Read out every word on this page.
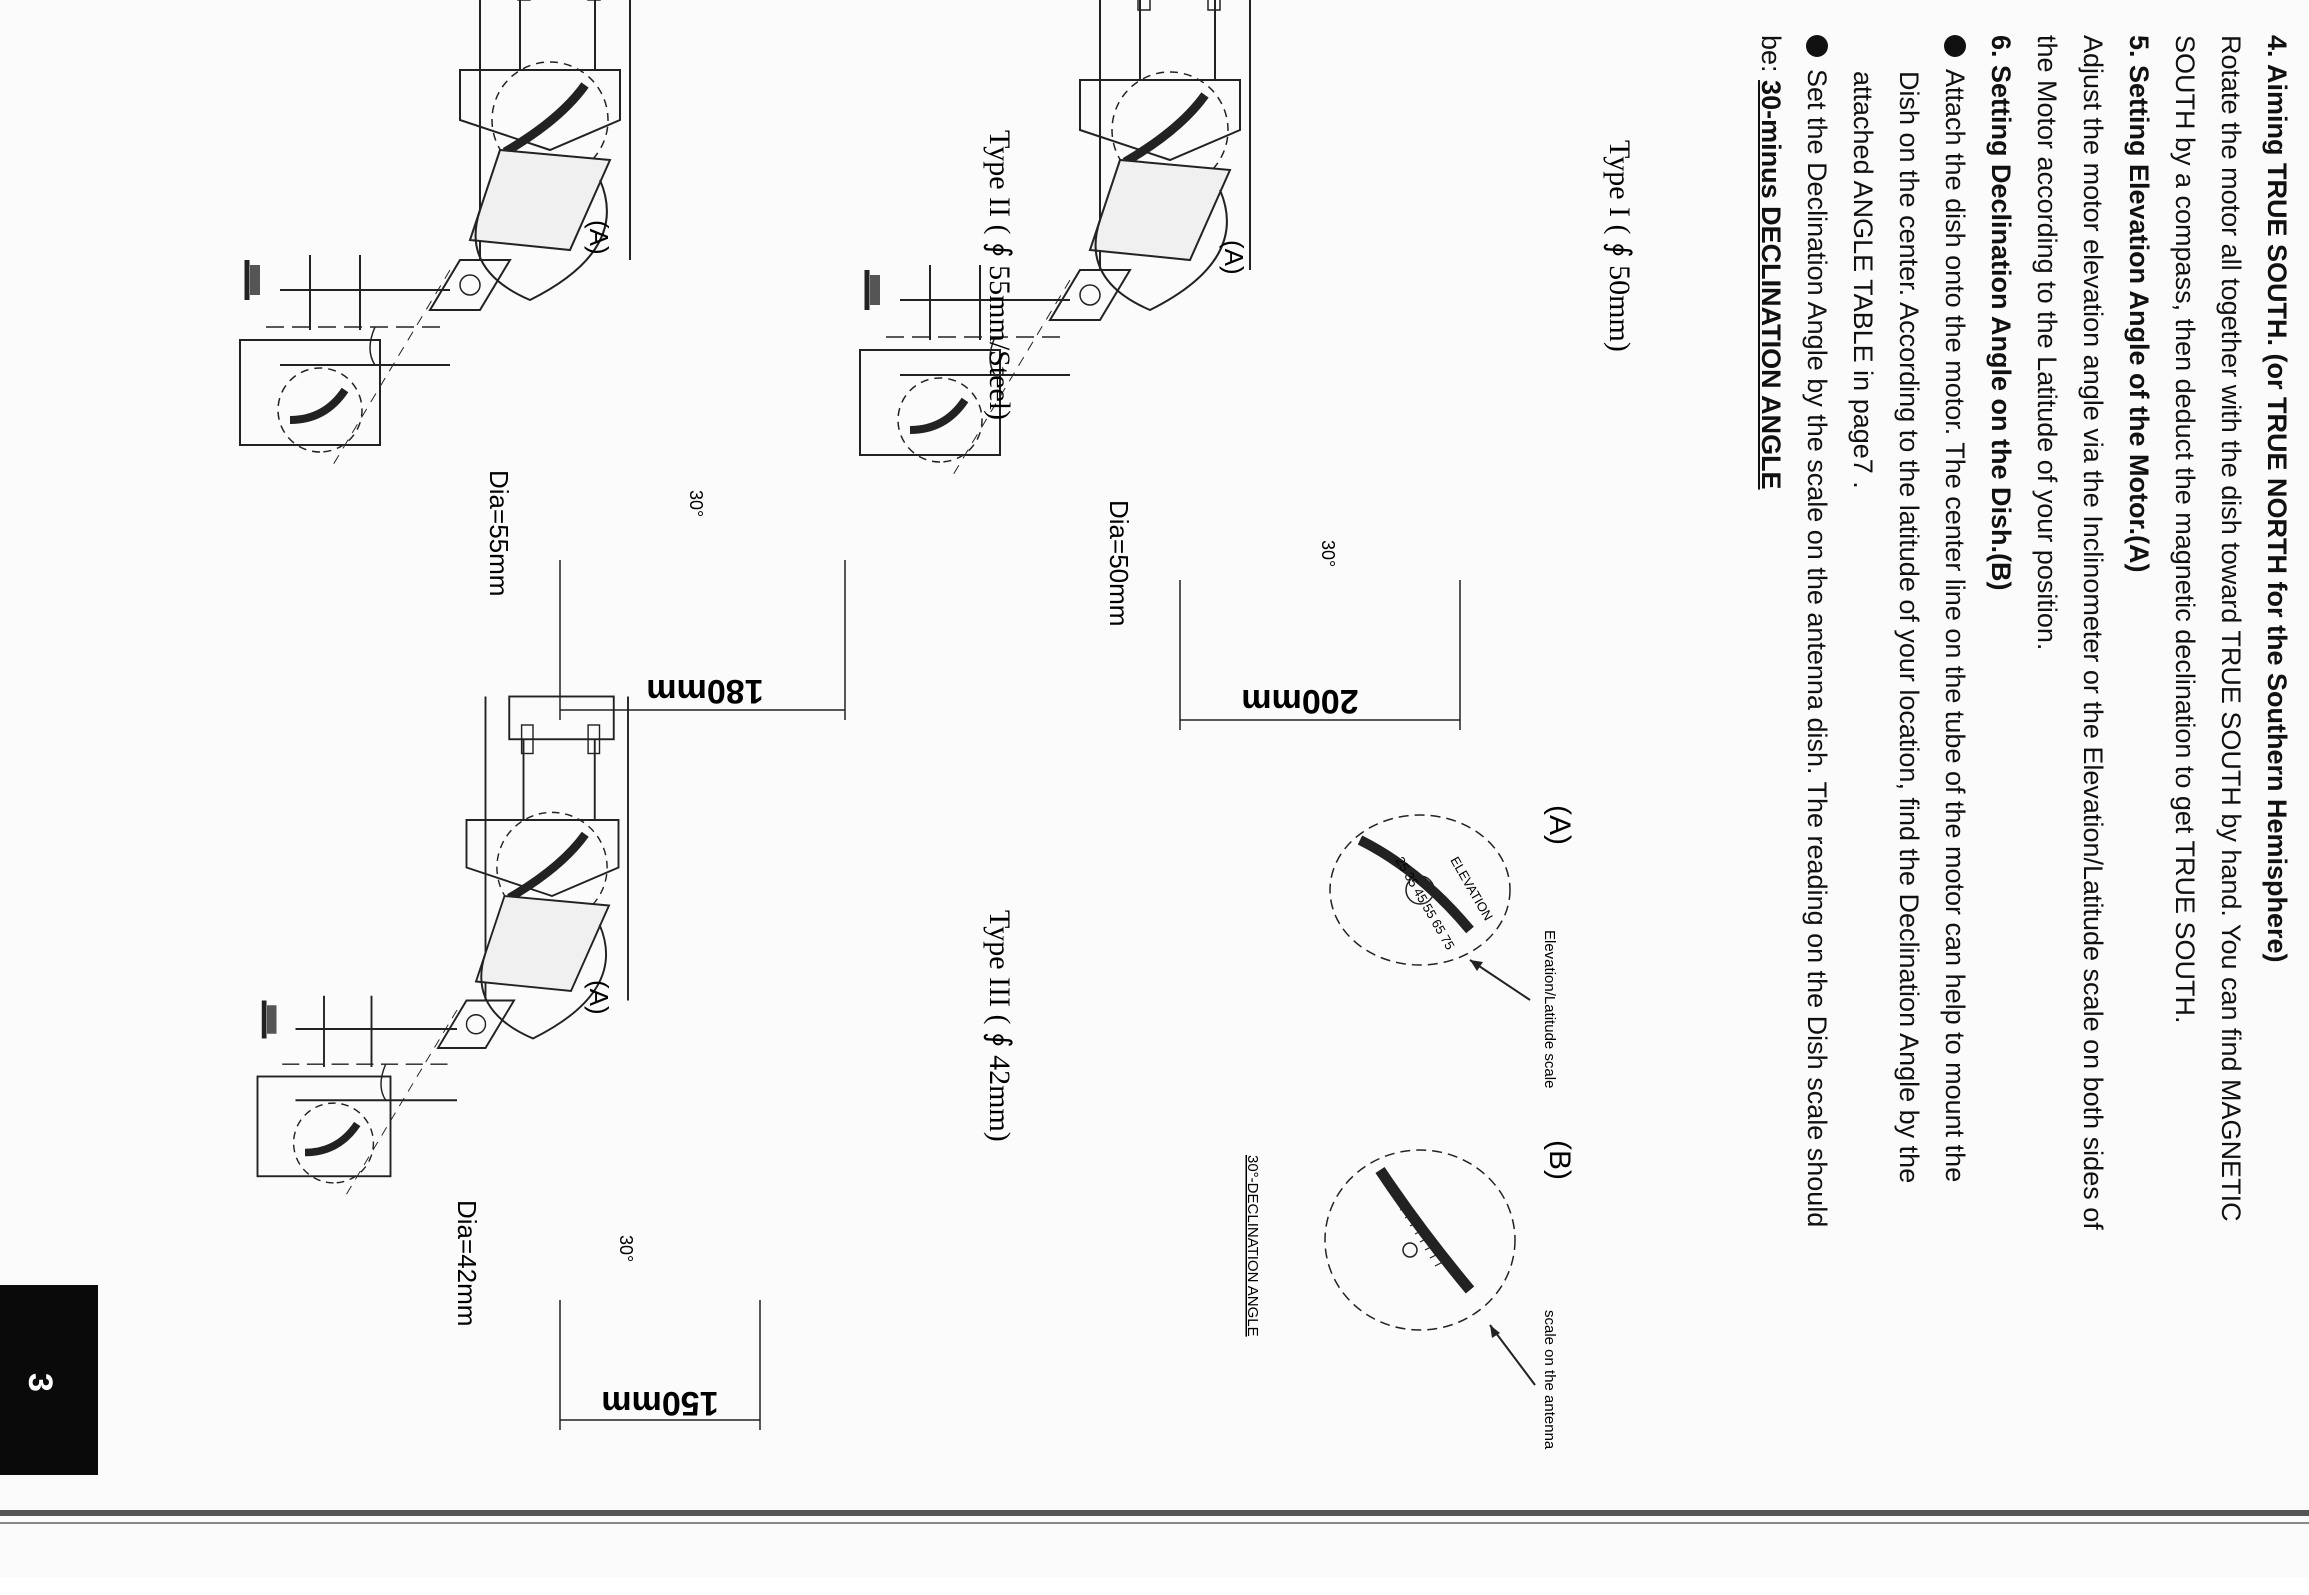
4. Aiming TRUE SOUTH. (or TRUE NORTH for the Southern Hemisphere)

Rotate the motor all together with the dish toward TRUE SOUTH by hand. You can find MAGNETIC

SOUTH by a compass, then deduct the magnetic declination to get TRUE SOUTH.

5. Setting Elevation Angle of the Motor.(A)

Adjust the motor elevation angle via the Inclinometer or the Elevation/Latitude scale on both sides of

the Motor according to the Latitude of your position.

6. Setting Declination Angle on the Dish.(B)

Attach the dish onto the motor. The center line on the tube of the motor can help to mount the

Dish on the center. According to the latitude of your location, find the Declination Angle by the

attached ANGLE TABLE in page7 .

Set the Declination Angle by the scale on the antenna dish. The reading on the Dish scale should

be: 30-minus DECLINATION ANGLE

200mm
(A)
Dia=50mm	30°
Type I ( ∮ 50mm)
180mm
(A)
Dia=55mm	30°
Type II ( ∮ 55mm/Steel)
150mm
(A)
Dia=42mm	30°
Type III ( ∮ 42mm)
ELEVATION
25 35 45 55 65 75
(A)
Elevation/Latitude scale
(B)
scale on the antenna
30°-DECLINATION ANGLE
3
